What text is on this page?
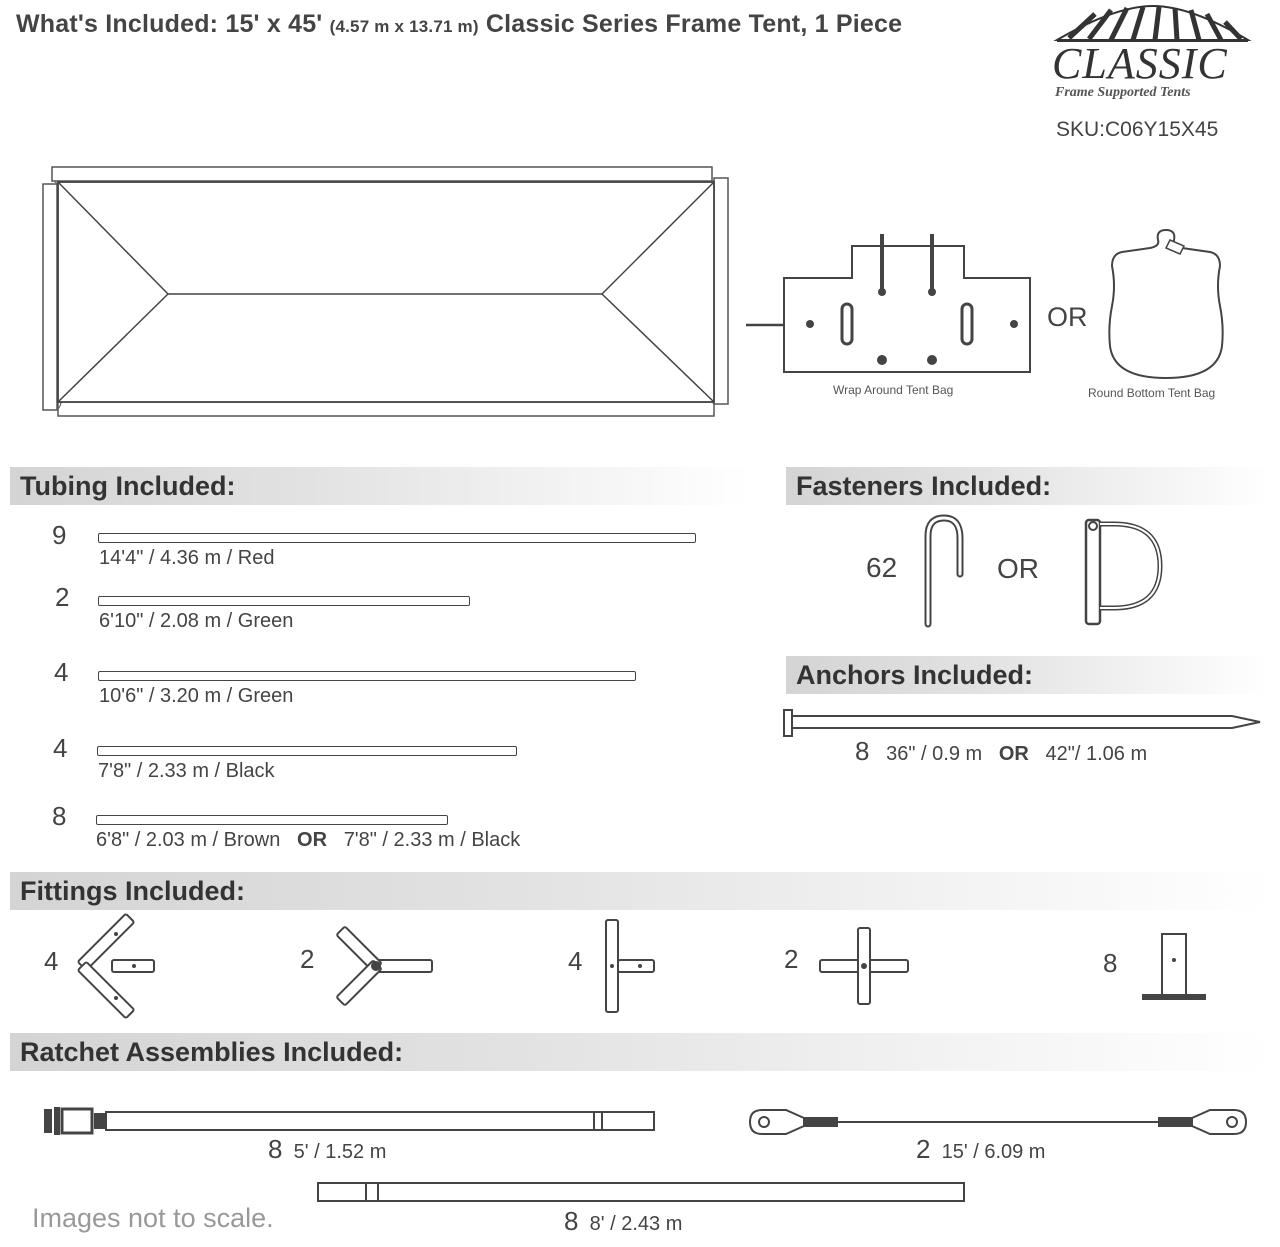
What's Included: 15' x 45' (4.57 m x 13.71 m) Classic Series Frame Tent, 1 Piece
CLASSIC
Frame Supported Tents
SKU:C06Y15X45
Wrap Around Tent Bag
OR
Round Bottom Tent Bag
Tubing Included:
9
14'4" / 4.36 m / Red
2
6'10" / 2.08 m / Green
4
10'6" / 3.20 m / Green
4
7'8" / 2.33 m / Black
8
6'8" / 2.03 m / Brown OR 7'8" / 2.33 m / Black
Fasteners Included:
62	OR
Anchors Included:
8 36" / 0.9 m OR 42"/ 1.06 m
Fittings Included:
4	2	4	2	8
Ratchet Assemblies Included:
8 5' / 1.52 m	2 15' / 6.09 m
8 8' / 2.43 m
Images not to scale.
